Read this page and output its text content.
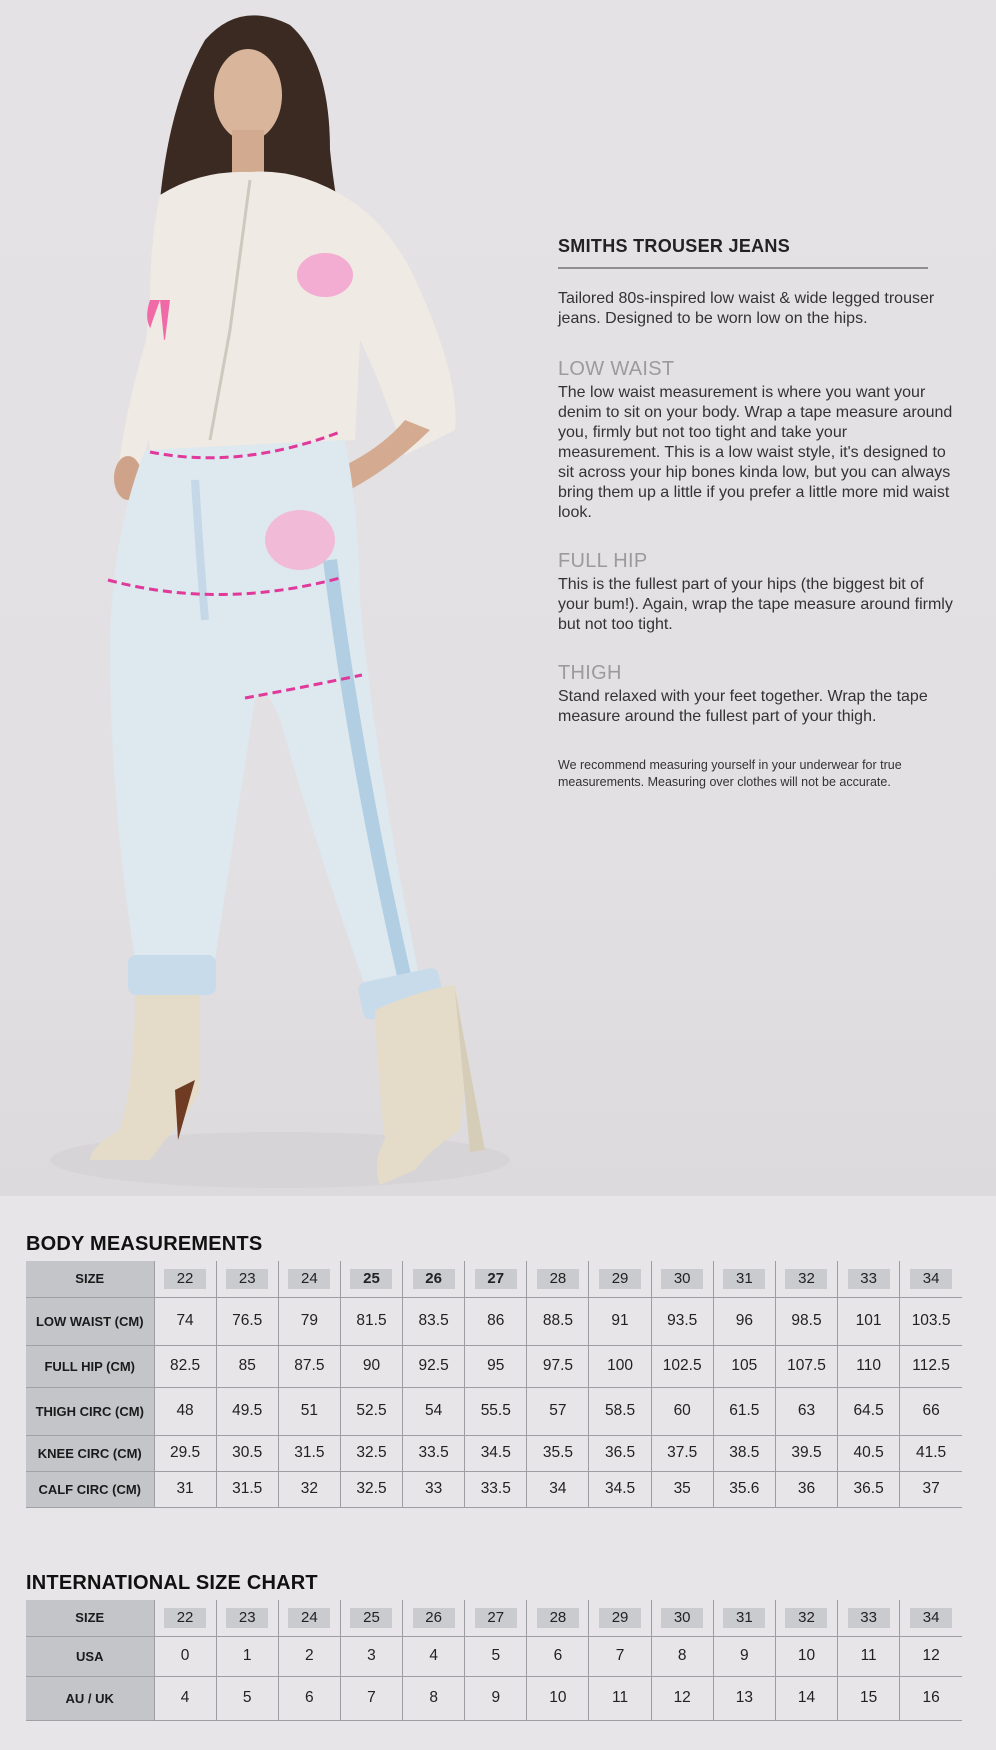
SMITHS TROUSER JEANS

Tailored 80s-inspired low waist & wide legged trouser jeans. Designed to be worn low on the hips.

LOW WAIST

The low waist measurement is where you want your denim to sit on your body. Wrap a tape measure around you, firmly but not too tight and take your measurement. This is a low waist style, it's designed to sit across your hip bones kinda low, but you can always bring them up a little if you prefer a little more mid waist look.

FULL HIP

This is the fullest part of your hips (the biggest bit of your bum!). Again, wrap the tape measure around firmly but not too tight.

THIGH

Stand relaxed with your feet together. Wrap the tape measure around the fullest part of your thigh.

We recommend measuring yourself in your underwear for true measurements. Measuring over clothes will not be accurate.

BODY MEASUREMENTS
SIZE	22	23	24	25	26	27	28	29	30	31	32	33	34
LOW WAIST (CM)	74	76.5	79	81.5	83.5	86	88.5	91	93.5	96	98.5	101	103.5
FULL HIP (CM)	82.5	85	87.5	90	92.5	95	97.5	100	102.5	105	107.5	110	112.5
THIGH CIRC (CM)	48	49.5	51	52.5	54	55.5	57	58.5	60	61.5	63	64.5	66
KNEE CIRC (CM)	29.5	30.5	31.5	32.5	33.5	34.5	35.5	36.5	37.5	38.5	39.5	40.5	41.5
CALF CIRC (CM)	31	31.5	32	32.5	33	33.5	34	34.5	35	35.6	36	36.5	37
INTERNATIONAL SIZE CHART
SIZE	22	23	24	25	26	27	28	29	30	31	32	33	34
USA	0	1	2	3	4	5	6	7	8	9	10	11	12
AU / UK	4	5	6	7	8	9	10	11	12	13	14	15	16
